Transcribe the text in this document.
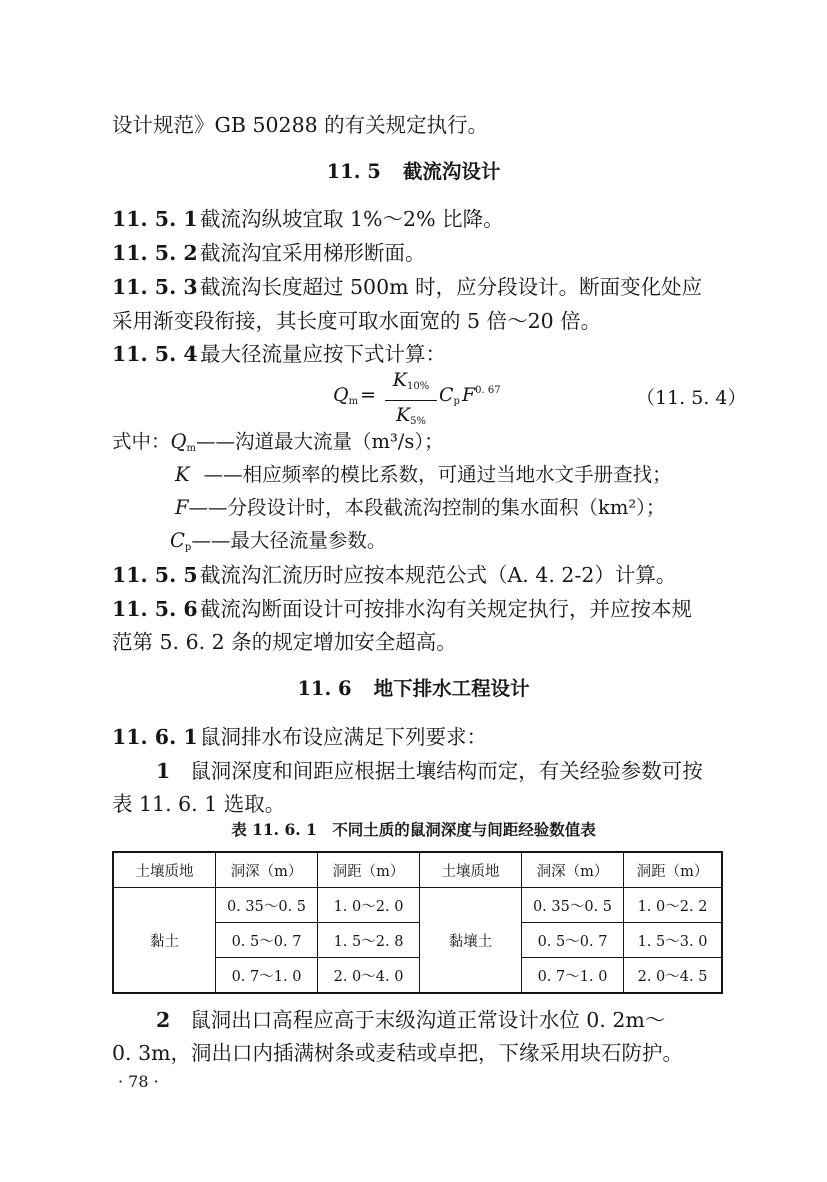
设计规范》GB 50288 的有关规定执行。
11. 5 截流沟设计
11. 5. 1 截流沟纵坡宜取 1%～2% 比降。
11. 5. 2 截流沟宜采用梯形断面。
11. 5. 3 截流沟长度超过 500m 时，应分段设计。断面变化处应
采用渐变段衔接，其长度可取水面宽的 5 倍～20 倍。
11. 5. 4 最大径流量应按下式计算：
$Q_m$ =
$K_{10\%}$
$K_{5\%}$
$C_p$ $F^{0. 67}$	（11. 5. 4）
式中：$Q_m——$沟道最大流量（m³/s）；
K ——相应频率的模比系数，可通过当地水文手册查找；
F——分段设计时，本段截流沟控制的集水面积（km²）；
$C_p——$最大径流量参数。
11. 5. 5 截流沟汇流历时应按本规范公式（A. 4. 2-2）计算。
11. 5. 6 截流沟断面设计可按排水沟有关规定执行，并应按本规
范第 5. 6. 2 条的规定增加安全超高。
11. 6 地下排水工程设计
11. 6. 1 鼠洞排水布设应满足下列要求：
1 鼠洞深度和间距应根据土壤结构而定，有关经验参数可按
表 11. 6. 1 选取。
表 11. 6. 1　不同土质的鼠洞深度与间距经验数值表
土壤质地	洞深（m）	洞距（m）	土壤质地	洞深（m）	洞距（m）
黏土	0. 35～0. 5	1. 0～2. 0	黏壤土	0. 35～0. 5	1. 0～2. 2
	0. 5～0. 7	1. 5～2. 8		0. 5～0. 7	1. 5～3. 0
	0. 7～1. 0	2. 0～4. 0		0. 7～1. 0	2. 0～4. 5
2 鼠洞出口高程应高于末级沟道正常设计水位 0. 2m～
0. 3m，洞出口内插满树条或麦秸或卓把，下缘采用块石防护。
· 78 ·
